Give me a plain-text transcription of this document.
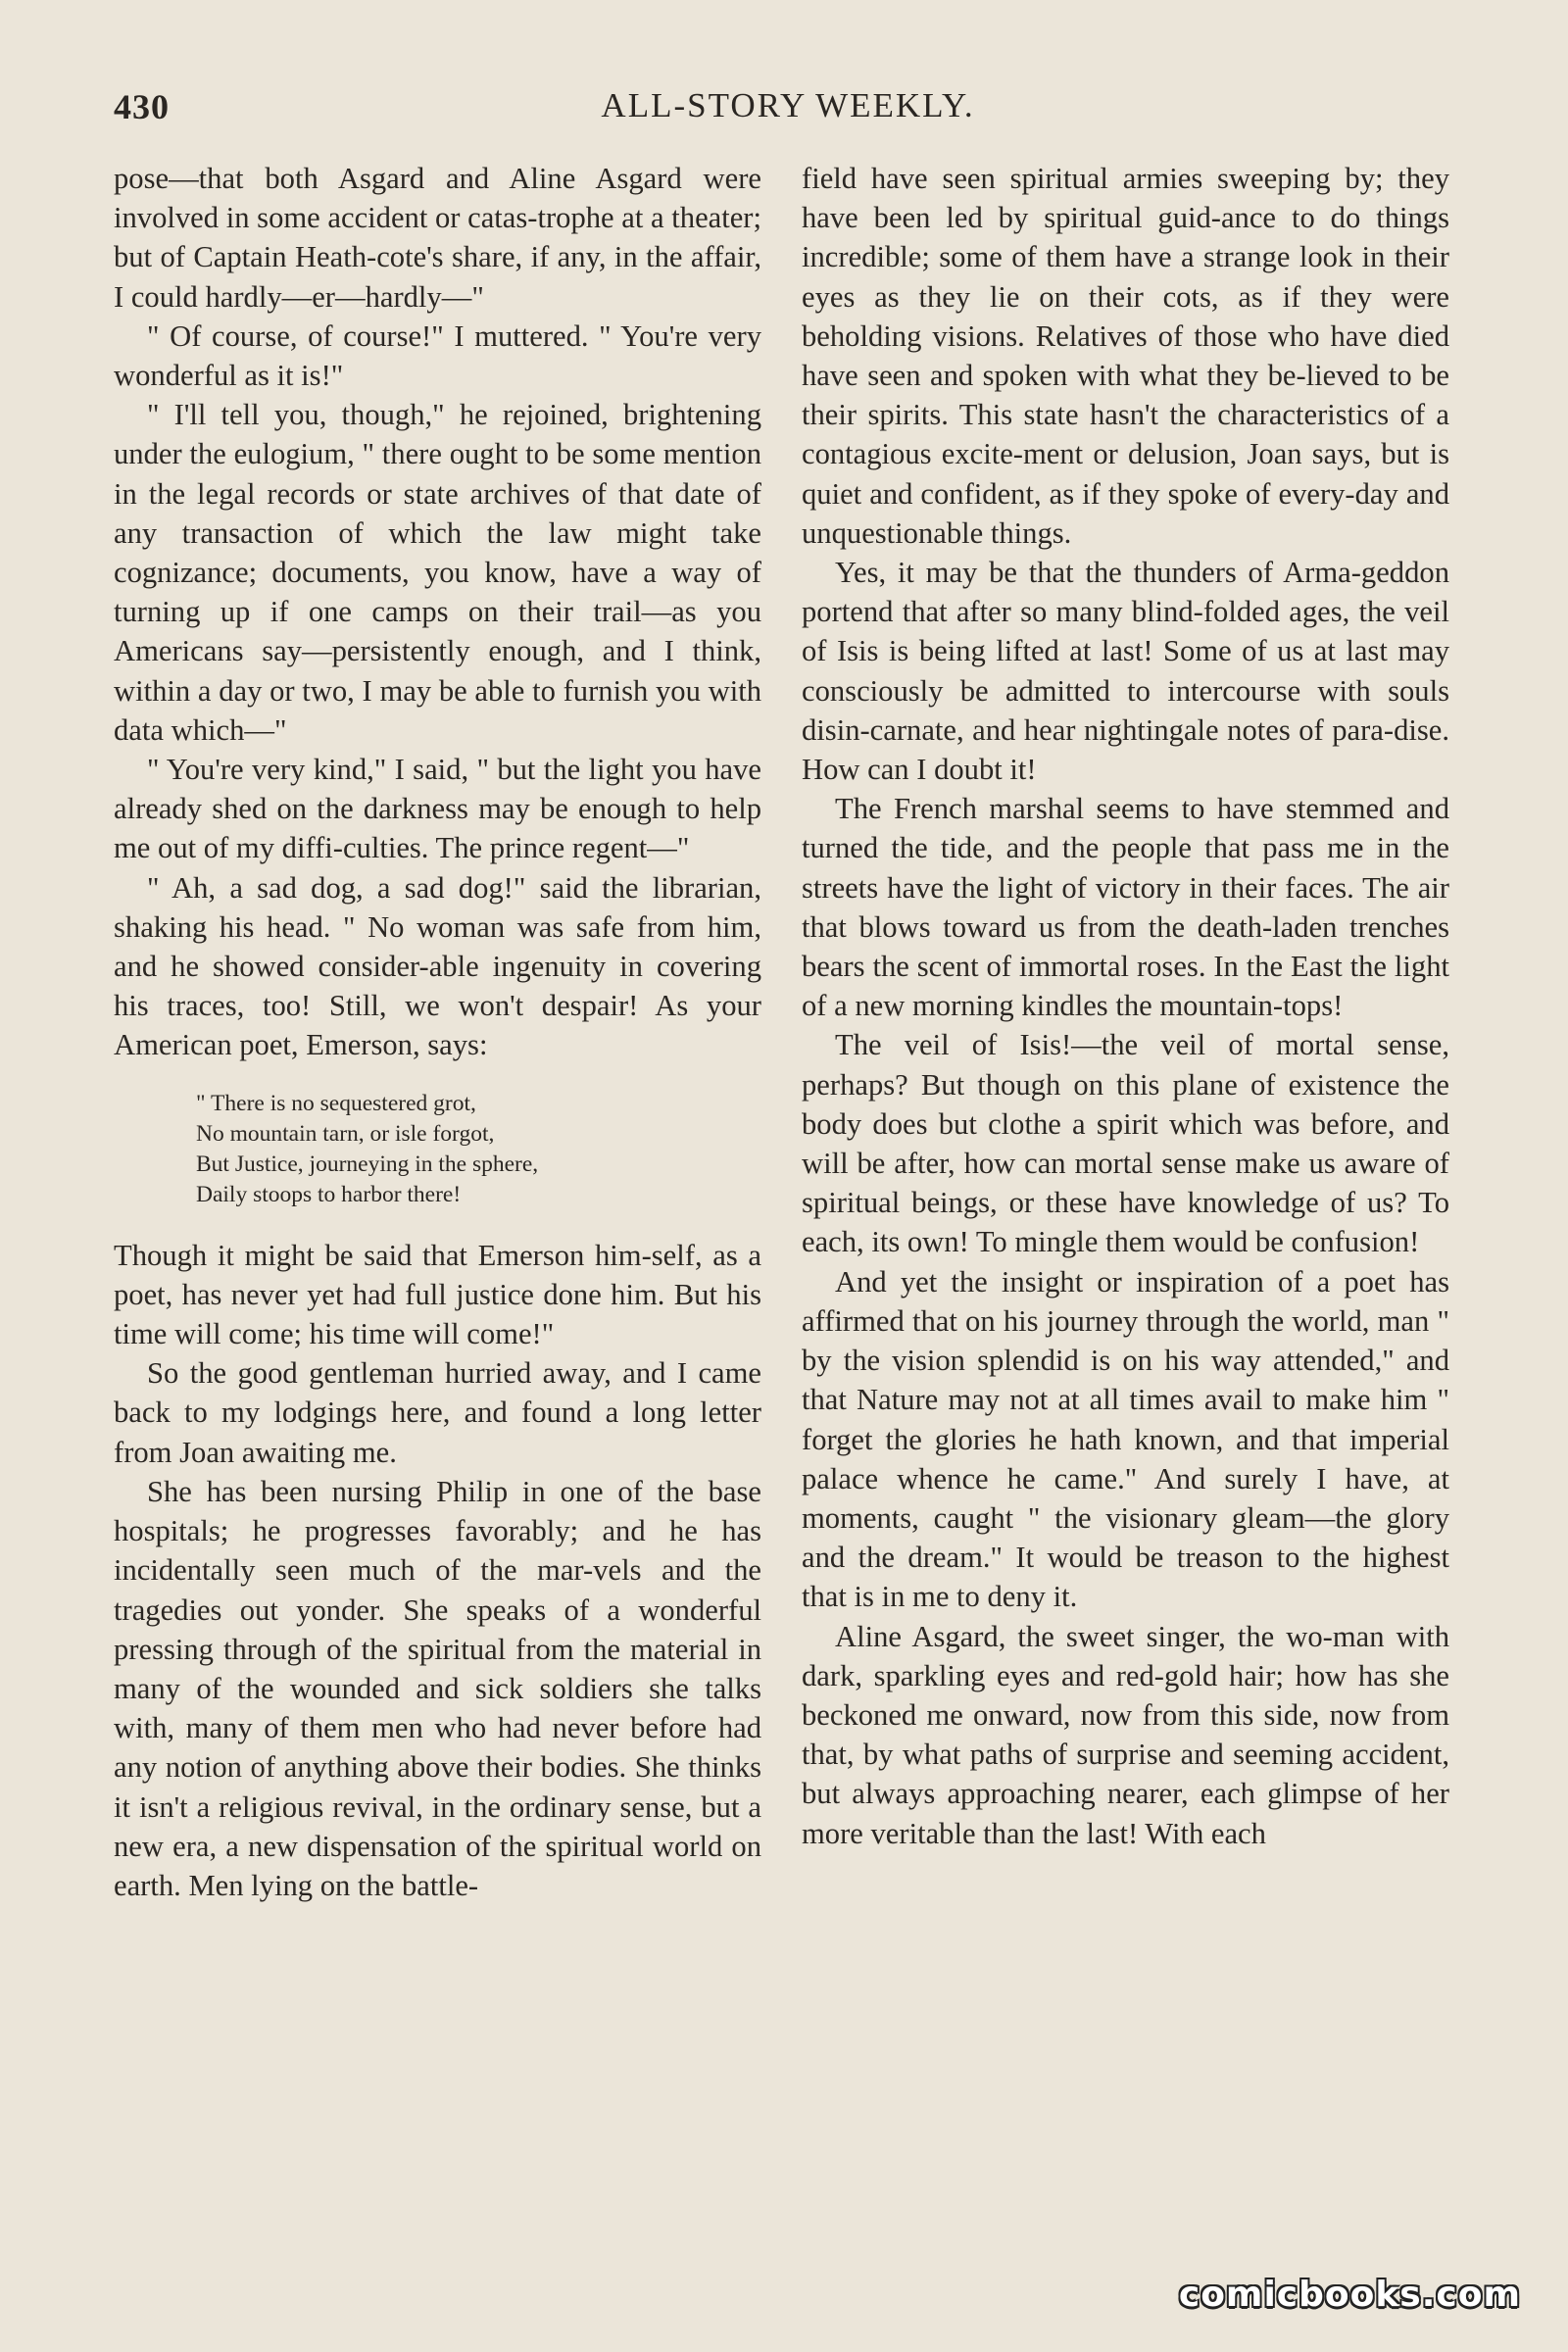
430	ALL-STORY WEEKLY.

pose—that both Asgard and Aline Asgard were involved in some accident or catas-trophe at a theater; but of Captain Heath-cote's share, if any, in the affair, I could hardly—er—hardly—"

" Of course, of course!" I muttered. " You're very wonderful as it is!"

" I'll tell you, though," he rejoined, brightening under the eulogium, " there ought to be some mention in the legal records or state archives of that date of any transaction of which the law might take cognizance; documents, you know, have a way of turning up if one camps on their trail—as you Americans say—persistently enough, and I think, within a day or two, I may be able to furnish you with data which—"

" You're very kind," I said, " but the light you have already shed on the darkness may be enough to help me out of my diffi-culties. The prince regent—"

" Ah, a sad dog, a sad dog!" said the librarian, shaking his head. " No woman was safe from him, and he showed consider-able ingenuity in covering his traces, too! Still, we won't despair! As your American poet, Emerson, says:

" There is no sequestered grot,
No mountain tarn, or isle forgot,
But Justice, journeying in the sphere,
Daily stoops to harbor there!

Though it might be said that Emerson him-self, as a poet, has never yet had full justice done him. But his time will come; his time will come!"

So the good gentleman hurried away, and I came back to my lodgings here, and found a long letter from Joan awaiting me.

She has been nursing Philip in one of the base hospitals; he progresses favorably; and he has incidentally seen much of the mar-vels and the tragedies out yonder. She speaks of a wonderful pressing through of the spiritual from the material in many of the wounded and sick soldiers she talks with, many of them men who had never before had any notion of anything above their bodies. She thinks it isn't a religious revival, in the ordinary sense, but a new era, a new dispensation of the spiritual world on earth. Men lying on the battle-

field have seen spiritual armies sweeping by; they have been led by spiritual guid-ance to do things incredible; some of them have a strange look in their eyes as they lie on their cots, as if they were beholding visions. Relatives of those who have died have seen and spoken with what they be-lieved to be their spirits. This state hasn't the characteristics of a contagious excite-ment or delusion, Joan says, but is quiet and confident, as if they spoke of every-day and unquestionable things.

Yes, it may be that the thunders of Arma-geddon portend that after so many blind-folded ages, the veil of Isis is being lifted at last! Some of us at last may consciously be admitted to intercourse with souls disin-carnate, and hear nightingale notes of para-dise. How can I doubt it!

The French marshal seems to have stemmed and turned the tide, and the people that pass me in the streets have the light of victory in their faces. The air that blows toward us from the death-laden trenches bears the scent of immortal roses. In the East the light of a new morning kindles the mountain-tops!

The veil of Isis!—the veil of mortal sense, perhaps? But though on this plane of existence the body does but clothe a spirit which was before, and will be after, how can mortal sense make us aware of spiritual beings, or these have knowledge of us? To each, its own! To mingle them would be confusion!

And yet the insight or inspiration of a poet has affirmed that on his journey through the world, man " by the vision splendid is on his way attended," and that Nature may not at all times avail to make him " forget the glories he hath known, and that imperial palace whence he came." And surely I have, at moments, caught " the visionary gleam—the glory and the dream." It would be treason to the highest that is in me to deny it.

Aline Asgard, the sweet singer, the wo-man with dark, sparkling eyes and red-gold hair; how has she beckoned me onward, now from this side, now from that, by what paths of surprise and seeming accident, but always approaching nearer, each glimpse of her more veritable than the last! With each

comicbooks.com
